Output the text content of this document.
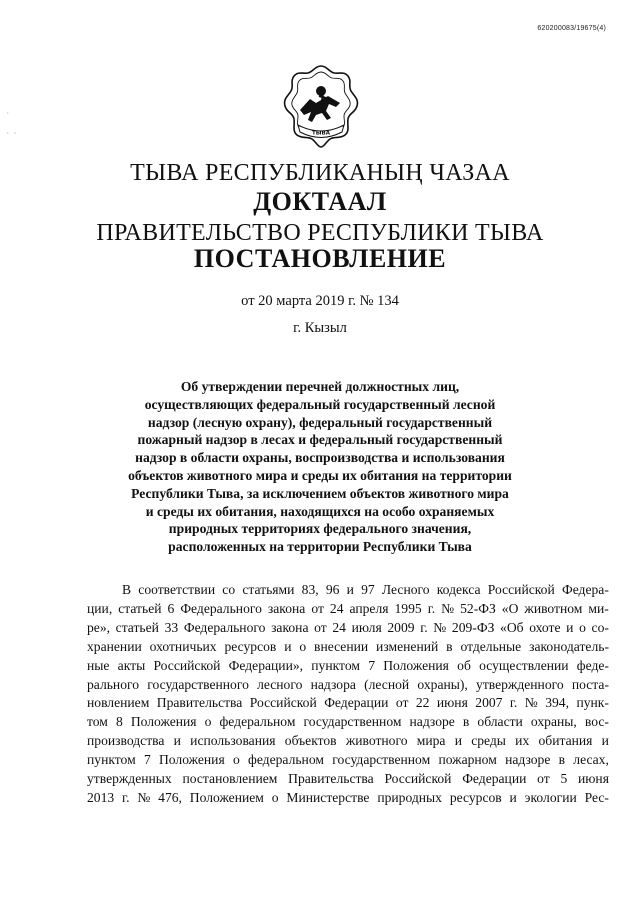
620200083/19675(4)
·
· ·	ТЫВА
ТЫВА РЕСПУБЛИКАНЫҢ ЧАЗАА
ДОКТААЛ
ПРАВИТЕЛЬСТВО РЕСПУБЛИКИ ТЫВА
ПОСТАНОВЛЕНИЕ
от 20 марта 2019 г. № 134
г. Кызыл
Об утверждении перечней должностных лиц,
осуществляющих федеральный государственный лесной
надзор (лесную охрану), федеральный государственный
пожарный надзор в лесах и федеральный государственный
надзор в области охраны, воспроизводства и использования
объектов животного мира и среды их обитания на территории
Республики Тыва, за исключением объектов животного мира
и среды их обитания, находящихся на особо охраняемых
природных территориях федерального значения,
расположенных на территории Республики Тыва
В соответствии со статьями 83, 96 и 97 Лесного кодекса Российской Федера-
ции, статьей 6 Федерального закона от 24 апреля 1995 г. № 52-ФЗ «О животном ми-
ре», статьей 33 Федерального закона от 24 июля 2009 г. № 209-ФЗ «Об охоте и о со-
хранении охотничьих ресурсов и о внесении изменений в отдельные законодатель-
ные акты Российской Федерации», пунктом 7 Положения об осуществлении феде-
рального государственного лесного надзора (лесной охраны), утвержденного поста-
новлением Правительства Российской Федерации от 22 июня 2007 г. № 394, пунк-
том 8 Положения о федеральном государственном надзоре в области охраны, вос-
производства и использования объектов животного мира и среды их обитания и
пунктом 7 Положения о федеральном государственном пожарном надзоре в лесах,
утвержденных постановлением Правительства Российской Федерации от 5 июня
2013 г. № 476, Положением о Министерстве природных ресурсов и экологии Рес-
